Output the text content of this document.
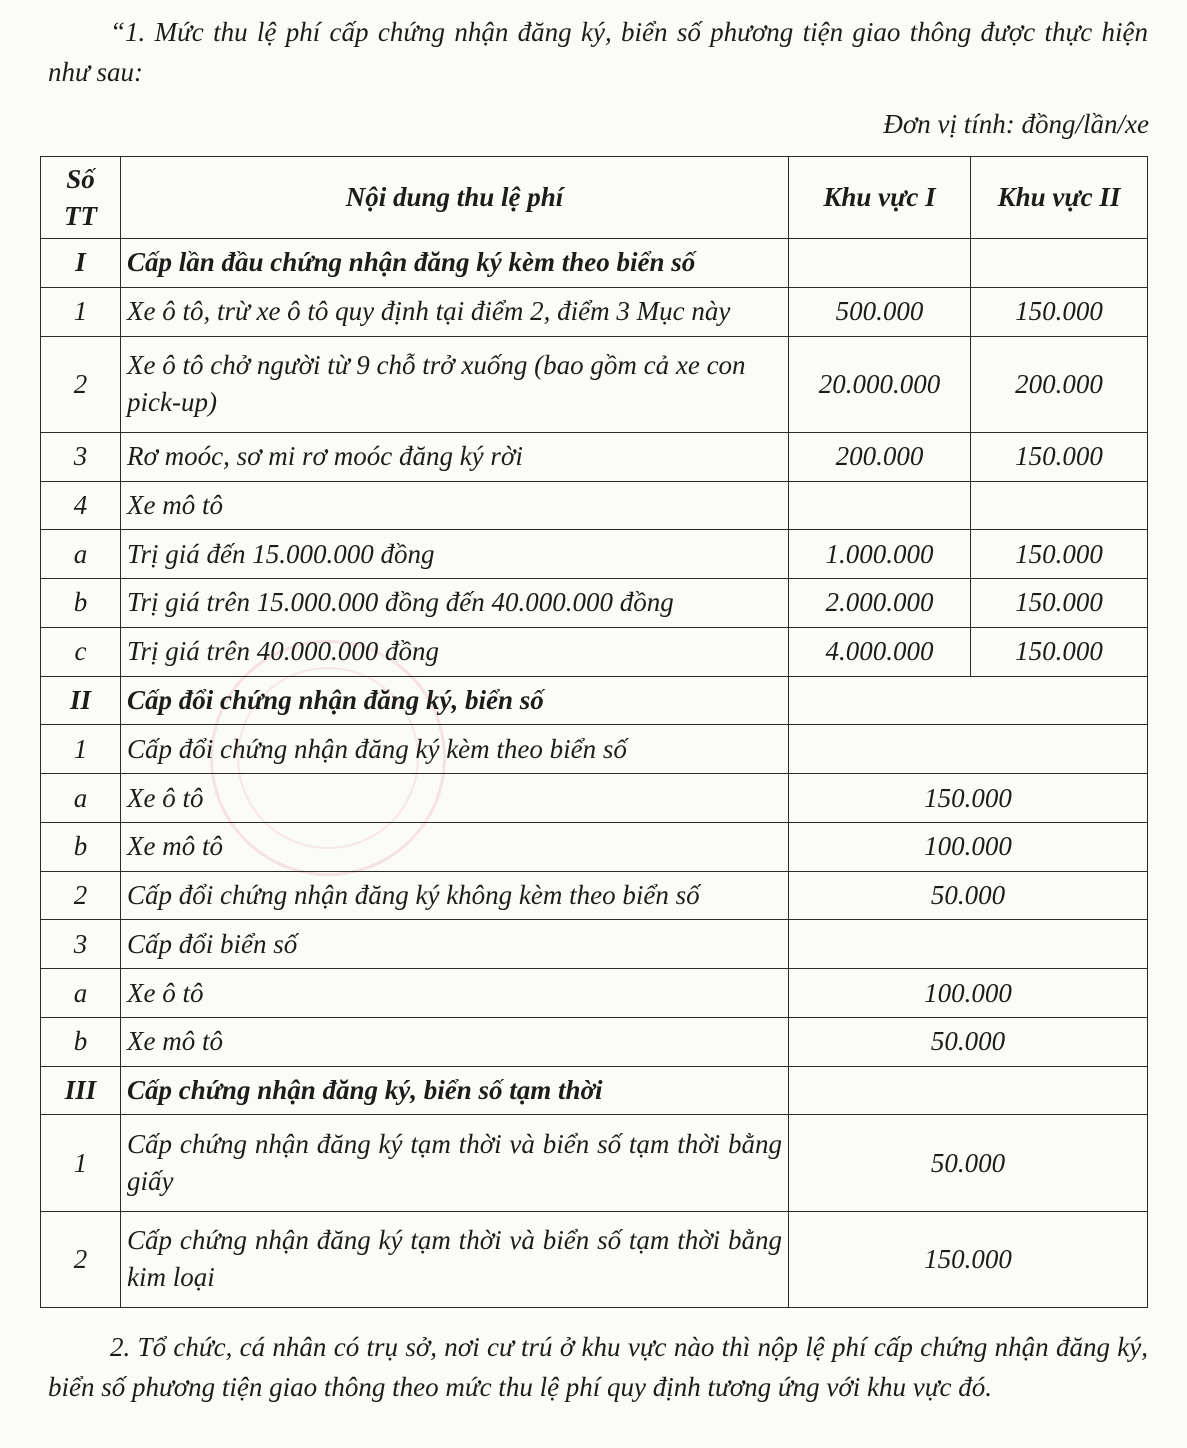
“1. Mức thu lệ phí cấp chứng nhận đăng ký, biển số phương tiện giao thông được thực hiện như sau:
Đơn vị tính: đồng/lần/xe
Số TT	Nội dung thu lệ phí	Khu vực I	Khu vực II
I	Cấp lần đầu chứng nhận đăng ký kèm theo biển số		
1	Xe ô tô, trừ xe ô tô quy định tại điểm 2, điểm 3 Mục này	500.000	150.000
2	Xe ô tô chở người từ 9 chỗ trở xuống (bao gồm cả xe con pick-up)	20.000.000	200.000
3	Rơ moóc, sơ mi rơ moóc đăng ký rời	200.000	150.000
4	Xe mô tô		
a	Trị giá đến 15.000.000 đồng	1.000.000	150.000
b	Trị giá trên 15.000.000 đồng đến 40.000.000 đồng	2.000.000	150.000
c	Trị giá trên 40.000.000 đồng	4.000.000	150.000
II	Cấp đổi chứng nhận đăng ký, biển số		
1	Cấp đổi chứng nhận đăng ký kèm theo biển số		
a	Xe ô tô	150.000	
b	Xe mô tô	100.000	
2	Cấp đổi chứng nhận đăng ký không kèm theo biển số	50.000	
3	Cấp đổi biển số		
a	Xe ô tô	100.000	
b	Xe mô tô	50.000	
III	Cấp chứng nhận đăng ký, biển số tạm thời		
1	Cấp chứng nhận đăng ký tạm thời và biển số tạm thời bằng giấy	50.000	
2	Cấp chứng nhận đăng ký tạm thời và biển số tạm thời bằng kim loại	150.000	
2. Tổ chức, cá nhân có trụ sở, nơi cư trú ở khu vực nào thì nộp lệ phí cấp chứng nhận đăng ký, biển số phương tiện giao thông theo mức thu lệ phí quy định tương ứng với khu vực đó.
